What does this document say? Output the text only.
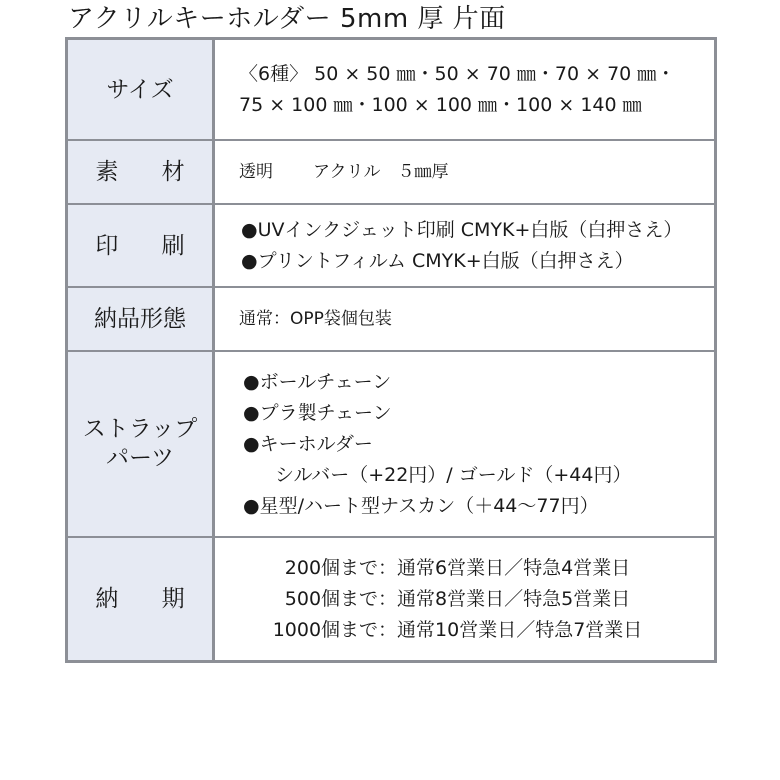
アクリルキーホルダー 5mm 厚 片面
サイズ
〈6種〉 50 × 50 ㎜・50 × 70 ㎜・70 × 70 ㎜・
75 × 100 ㎜・100 × 100 ㎜・100 × 140 ㎜
素 材	透明 アクリル　５㎜厚
印 刷
●UVインクジェット印刷 CMYK+白版（白押さえ）
●プリントフィルム CMYK+白版（白押さえ）
納品形態	通常：OPP袋個包装
ストラップ
パーツ
●ボールチェーン
●プラ製チェーン
●キーホルダー
シルバー（+22円）/ ゴールド（+44円）
●星型/ハート型ナスカン（＋44〜77円）
納 期
200個まで：通常6営業日／特急4営業日
500個まで：通常8営業日／特急5営業日
1000個まで：通常10営業日／特急7営業日
